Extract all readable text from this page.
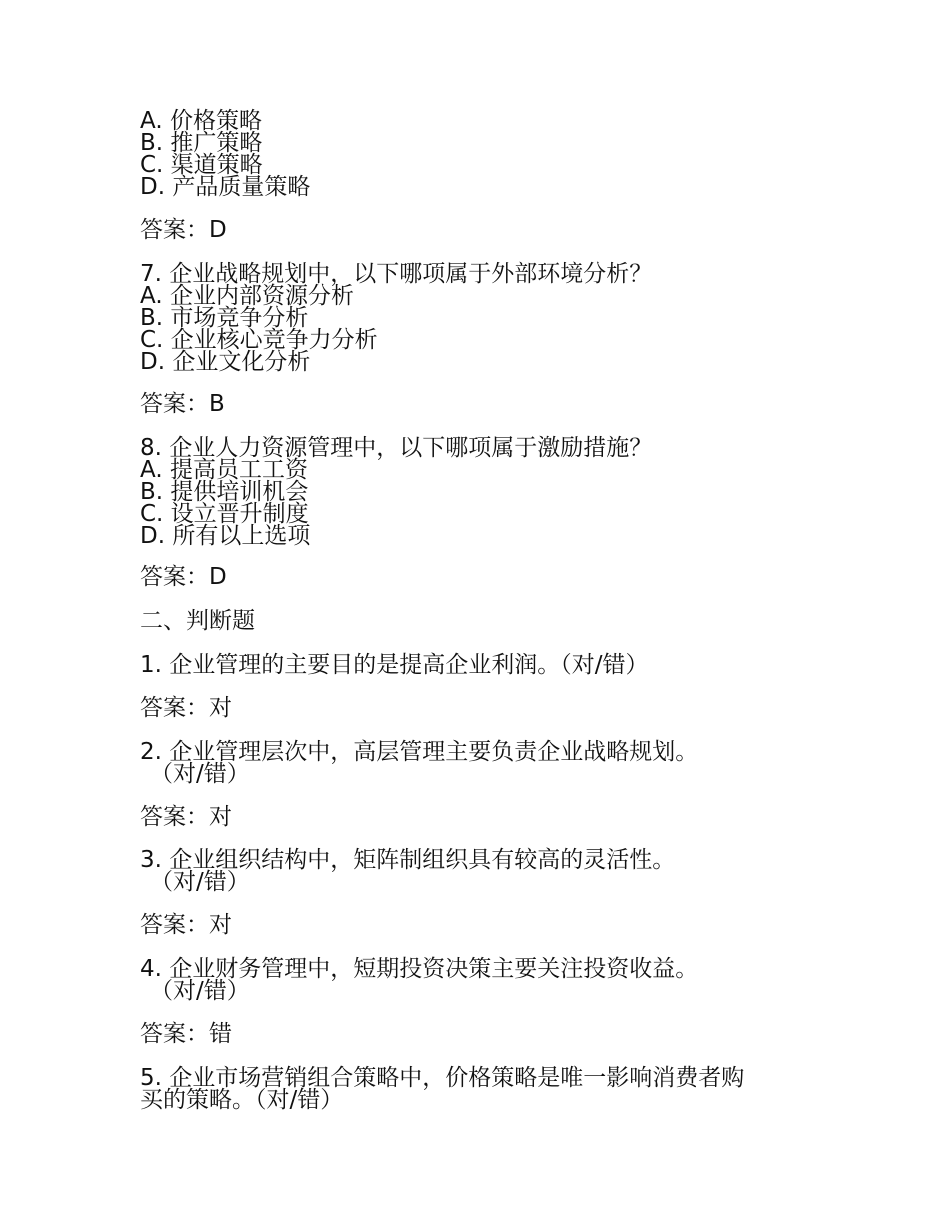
A. 价格策略
B. 推广策略
C. 渠道策略
D. 产品质量策略
答案：D
7. 企业战略规划中，以下哪项属于外部环境分析？
A. 企业内部资源分析
B. 市场竞争分析
C. 企业核心竞争力分析
D. 企业文化分析
答案：B
8. 企业人力资源管理中，以下哪项属于激励措施？
A. 提高员工工资
B. 提供培训机会
C. 设立晋升制度
D. 所有以上选项
答案：D
二、判断题
1. 企业管理的主要目的是提高企业利润。（对/错）
答案：对
2. 企业管理层次中，高层管理主要负责企业战略规划。
（对/错）
答案：对
3. 企业组织结构中，矩阵制组织具有较高的灵活性。
（对/错）
答案：对
4. 企业财务管理中，短期投资决策主要关注投资收益。
（对/错）
答案：错
5. 企业市场营销组合策略中，价格策略是唯一影响消费者购
买的策略。（对/错）
